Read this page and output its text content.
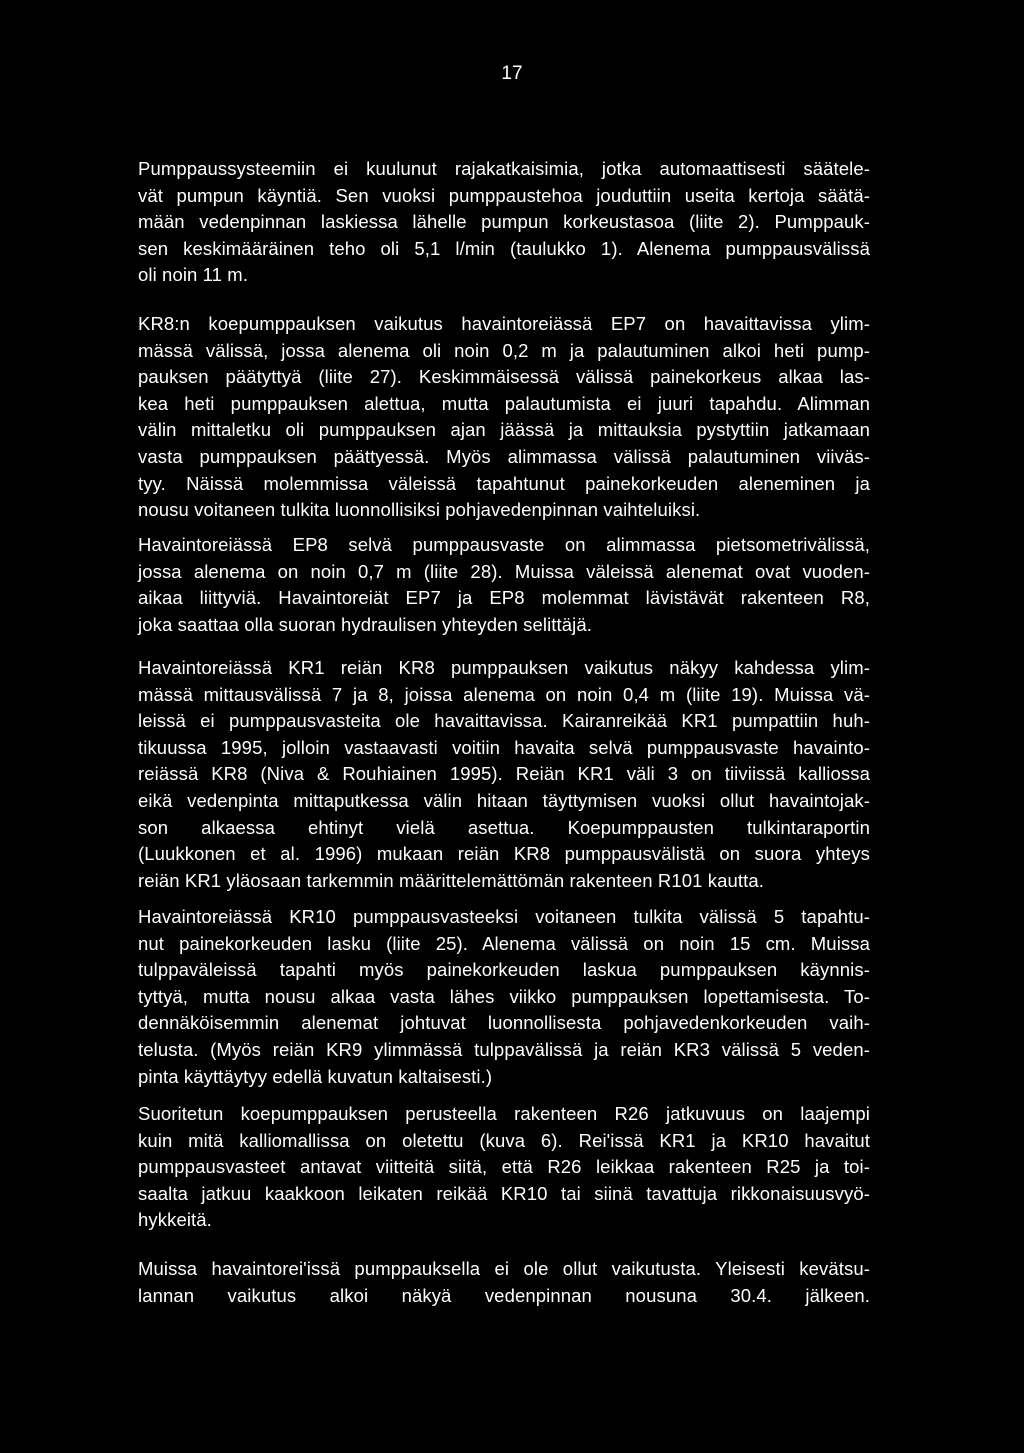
17
Pumppaussysteemiin ei kuulunut rajakatkaisimia, jotka automaattisesti säätele-
vät pumpun käyntiä. Sen vuoksi pumppaustehoa jouduttiin useita kertoja säätä-
mään vedenpinnan laskiessa lähelle pumpun korkeustasoa (liite 2). Pumppauk-
sen keskimääräinen teho oli 5,1 l/min (taulukko 1). Alenema pumppausvälissä
oli noin 11 m.
KR8:n koepumppauksen vaikutus havaintoreiässä EP7 on havaittavissa ylim-
mässä välissä, jossa alenema oli noin 0,2 m ja palautuminen alkoi heti pump-
pauksen päätyttyä (liite 27). Keskimmäisessä välissä painekorkeus alkaa las-
kea heti pumppauksen alettua, mutta palautumista ei juuri tapahdu. Alimman
välin mittaletku oli pumppauksen ajan jäässä ja mittauksia pystyttiin jatkamaan
vasta pumppauksen päättyessä. Myös alimmassa välissä palautuminen viiväs-
tyy. Näissä molemmissa väleissä tapahtunut painekorkeuden aleneminen ja
nousu voitaneen tulkita luonnollisiksi pohjavedenpinnan vaihteluiksi.
Havaintoreiässä EP8 selvä pumppausvaste on alimmassa pietsometrivälissä,
jossa alenema on noin 0,7 m (liite 28). Muissa väleissä alenemat ovat vuoden-
aikaa liittyviä. Havaintoreiät EP7 ja EP8 molemmat lävistävät rakenteen R8,
joka saattaa olla suoran hydraulisen yhteyden selittäjä.
Havaintoreiässä KR1 reiän KR8 pumppauksen vaikutus näkyy kahdessa ylim-
mässä mittausvälissä 7 ja 8, joissa alenema on noin 0,4 m (liite 19). Muissa vä-
leissä ei pumppausvasteita ole havaittavissa. Kairanreikää KR1 pumpattiin huh-
tikuussa 1995, jolloin vastaavasti voitiin havaita selvä pumppausvaste havainto-
reiässä KR8 (Niva & Rouhiainen 1995). Reiän KR1 väli 3 on tiiviissä kalliossa
eikä vedenpinta mittaputkessa välin hitaan täyttymisen vuoksi ollut havaintojak-
son alkaessa ehtinyt vielä asettua. Koepumppausten tulkintaraportin
(Luukkonen et al. 1996) mukaan reiän KR8 pumppausvälistä on suora yhteys
reiän KR1 yläosaan tarkemmin määrittelemättömän rakenteen R101 kautta.
Havaintoreiässä KR10 pumppausvasteeksi voitaneen tulkita välissä 5 tapahtu-
nut painekorkeuden lasku (liite 25). Alenema välissä on noin 15 cm. Muissa
tulppaväleissä tapahti myös painekorkeuden laskua pumppauksen käynnis-
tyttyä, mutta nousu alkaa vasta lähes viikko pumppauksen lopettamisesta. To-
dennäköisemmin alenemat johtuvat luonnollisesta pohjavedenkorkeuden vaih-
telusta. (Myös reiän KR9 ylimmässä tulppavälissä ja reiän KR3 välissä 5 veden-
pinta käyttäytyy edellä kuvatun kaltaisesti.)
Suoritetun koepumppauksen perusteella rakenteen R26 jatkuvuus on laajempi
kuin mitä kalliomallissa on oletettu (kuva 6). Rei'issä KR1 ja KR10 havaitut
pumppausvasteet antavat viitteitä siitä, että R26 leikkaa rakenteen R25 ja toi-
saalta jatkuu kaakkoon leikaten reikää KR10 tai siinä tavattuja rikkonaisuusvyö-
hykkeitä.
Muissa havaintorei'issä pumppauksella ei ole ollut vaikutusta. Yleisesti kevätsu-
lannan vaikutus alkoi näkyä vedenpinnan nousuna 30.4. jälkeen.
